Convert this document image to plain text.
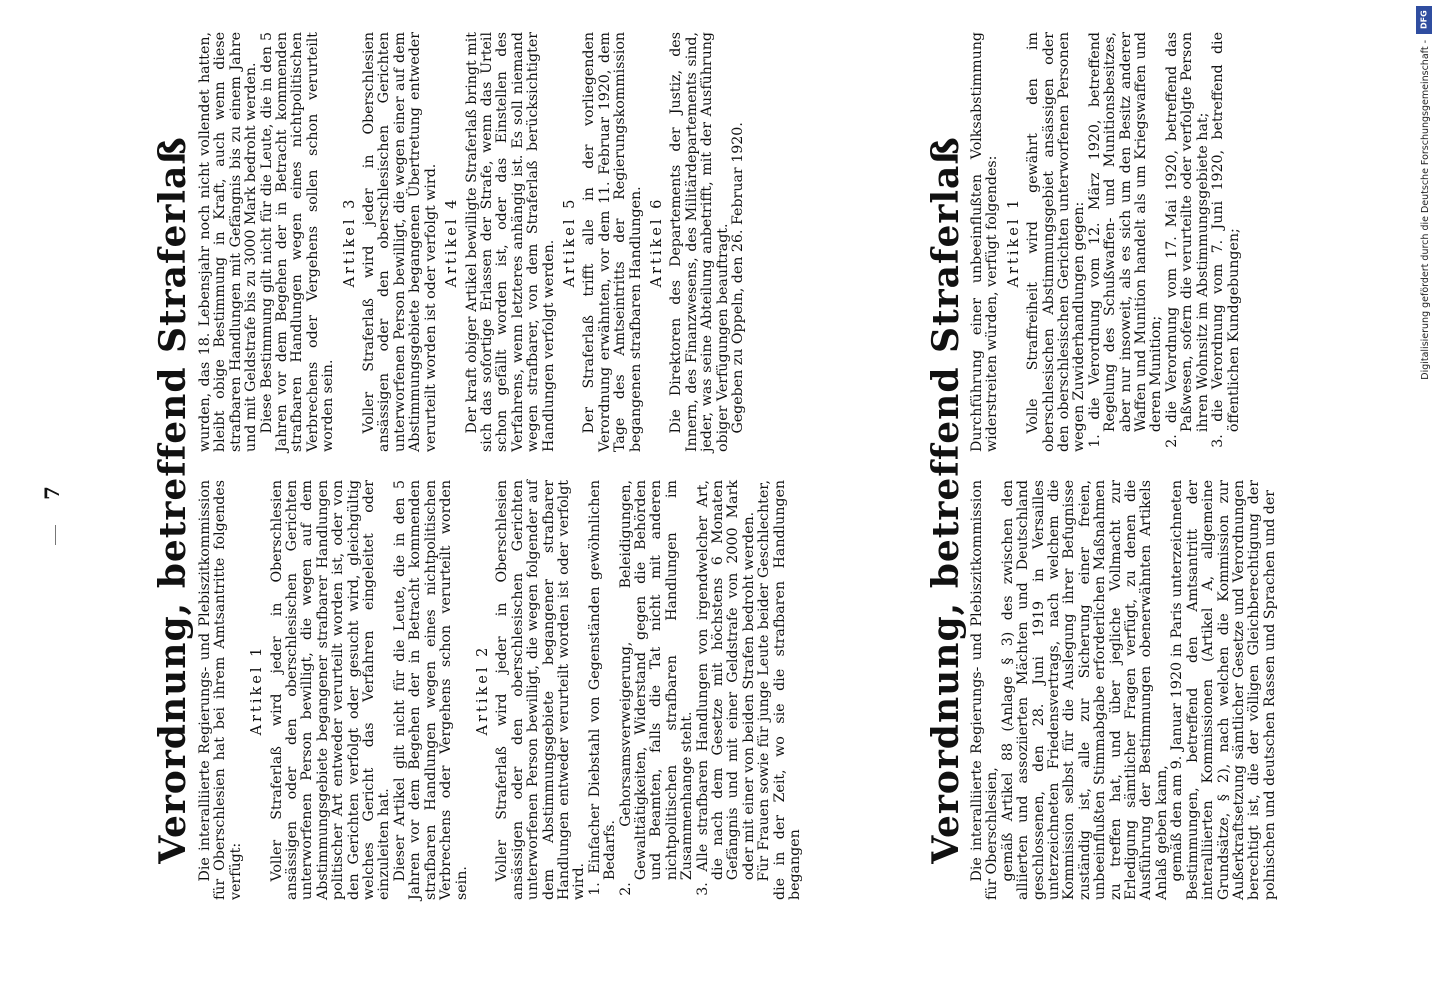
7 Verordnung, betreffend Straferlaß Die interalliierte Regierungs- und Plebiszitkommission für Oberschlesien hat bei ihrem Amtsantritte folgendes verfügt:

Artikel 1 Voller Straferlaß wird jeder in Oberschlesien ansässigen oder den oberschlesischen Gerichten unterworfenen Person bewilligt, die wegen auf dem Abstimmungsgebiete begangener strafbarer Handlungen politischer Art entweder verurteilt worden ist, oder von den Gerichten verfolgt oder gesucht wird, gleichgültig welches Gericht das Verfahren eingeleitet oder einzuleiten hat. Dieser Artikel gilt nicht für die Leute, die in den 5 Jahren vor dem Begehen der in Betracht kommenden strafbaren Handlungen wegen eines nichtpolitischen Verbrechens oder Vergehens schon verurteilt worden sein.

Artikel 2 Voller Straferlaß wird jeder in Oberschlesien ansässigen oder den oberschlesischen Gerichten unterworfenen Person bewilligt, die wegen folgender auf dem Abstimmungsgebiete begangener strafbarer Handlungen entweder verurteilt worden ist oder verfolgt wird. 1. Einfacher Diebstahl von Gegenständen gewöhnlichen Bedarfs.
2. Gehorsamsverweigerung, Beleidigungen, Gewalttätigkeiten, Widerstand gegen die Behörden und Beamten, falls die Tat nicht mit anderen nichtpolitischen strafbaren Handlungen im Zusammenhange steht.
3. Alle strafbaren Handlungen von irgendwelcher Art, die nach dem Gesetze mit höchstens 6 Monaten Gefängnis und mit einer Geldstrafe von 2000 Mark oder mit einer von beiden Strafen bedroht werden. Für Frauen sowie für junge Leute beider Geschlechter, die in der Zeit, wo sie die strafbaren Handlungen begangen

wurden, das 18. Lebensjahr noch nicht vollendet hatten, bleibt obige Bestimmung in Kraft, auch wenn diese strafbaren Handlungen mit Gefängnis bis zu einem Jahre und mit Geldstrafe bis zu 3000 Mark bedroht werden. Diese Bestimmung gilt nicht für die Leute, die in den 5 Jahren vor dem Begehen der in Betracht kommenden strafbaren Handlungen wegen eines nichtpolitischen Verbrechens oder Vergehens sollen schon verurteilt worden sein.

Artikel 3 Voller Straferlaß wird jeder in Oberschlesien ansässigen oder den oberschlesischen Gerichten unterworfenen Person bewilligt, die wegen einer auf dem Abstimmungsgebiete begangenen Übertretung entweder verurteilt worden ist oder verfolgt wird. Artikel 4 Der kraft obiger Artikel bewilligte Straferlaß bringt mit sich das sofortige Erlassen der Strafe, wenn das Urteil schon gefällt worden ist, oder das Einstellen des Verfahrens, wenn letzteres anhängig ist. Es soll niemand wegen strafbarer, von dem Straferlaß berücksichtigter Handlungen verfolgt werden. Artikel 5 Der Straferlaß trifft alle in der vorliegenden Verordnung erwähnten, vor dem 11. Februar 1920, dem Tage des Amtseintritts der Regierungskommission begangenen strafbaren Handlungen. Artikel 6 Die Direktoren des Departements der Justiz, des Innern, des Finanzwesens, des Militärdepartements sind, jeder, was seine Abteilung anbetrifft, mit der Ausführung obiger Verfügungen beauftragt. Gegeben zu Oppeln, den 26. Februar 1920.	Verordnung, betreffend Straferlaß Die interalliierte Regierungs- und Plebiszitkommission für Oberschlesien, gemäß Artikel 88 (Anlage § 3) des zwischen den alliierten und assoziierten Mächten und Deutschland geschlossenen, den 28. Juni 1919 in Versailles unterzeichneten Friedensvertrags, nach welchem die Kommission selbst für die Auslegung ihrer Befugnisse zuständig ist, alle zur Sicherung einer freien, unbeeinflußten Stimmabgabe erforderlichen Maßnahmen zu treffen hat, und über jegliche Vollmacht zur Erledigung sämtlicher Fragen verfügt, zu denen die Ausführung der Bestimmungen obenerwähnten Artikels Anlaß geben kann, gemäß den am 9. Januar 1920 in Paris unterzeichneten Bestimmungen, betreffend den Amtsantritt der interalliierten Kommissionen (Artikel A, allgemeine Grundsätze, § 2), nach welchen die Kommission zur Außerkraftsetzung sämtlicher Gesetze und Verordnungen berechtigt ist, die der völligen Gleichberechtigung der polnischen und deutschen Rassen und Sprachen und der

Durchführung einer unbeeinflußten Volksabstimmung widerstreiten würden, verfügt folgendes: Artikel 1 Volle Straffreiheit wird gewährt den im oberschlesischen Abstimmungsgebiet ansässigen oder den oberschlesischen Gerichten unterworfenen Personen wegen Zuwiderhandlungen gegen: 1. die Verordnung vom 12. März 1920, betreffend Regelung des Schußwaffen- und Munitionsbesitzes, aber nur insoweit, als es sich um den Besitz anderer Waffen und Munition handelt als um Kriegswaffen und deren Munition;
2. die Verordnung vom 17. Mai 1920, betreffend das Paßwesen, sofern die verurteilte oder verfolgte Person ihren Wohnsitz im Abstimmungsgebiete hat;
3. die Verordnung vom 7. Juni 1920, betreffend die öffentlichen Kundgebungen;
DFG
Digitalisierung gefördert durch die Deutsche Forschungsgemeinschaft -
